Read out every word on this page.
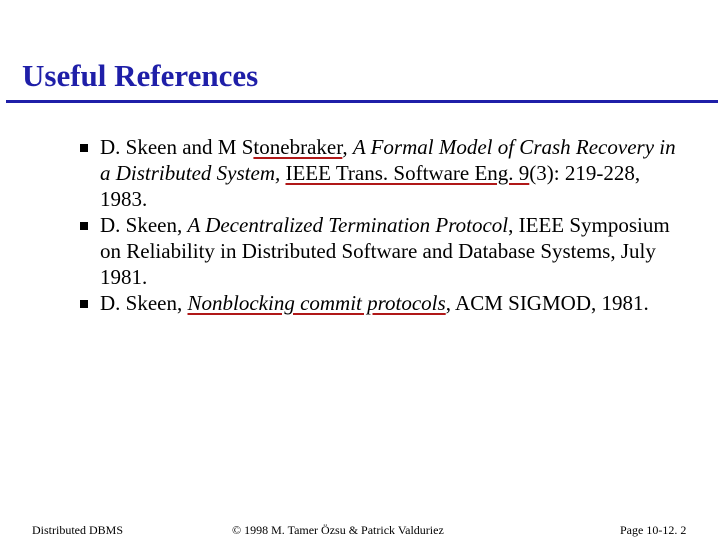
Useful References
D. Skeen and M Stonebraker, A Formal Model of Crash Recovery in a Distributed System, IEEE Trans. Software Eng. 9(3): 219-228, 1983.
D. Skeen, A Decentralized Termination Protocol, IEEE Symposium on Reliability in Distributed Software and Database Systems, July 1981.
D. Skeen, Nonblocking commit protocols, ACM SIGMOD, 1981.
Distributed DBMS	© 1998 M. Tamer Özsu & Patrick Valduriez	Page 10-12. 2
